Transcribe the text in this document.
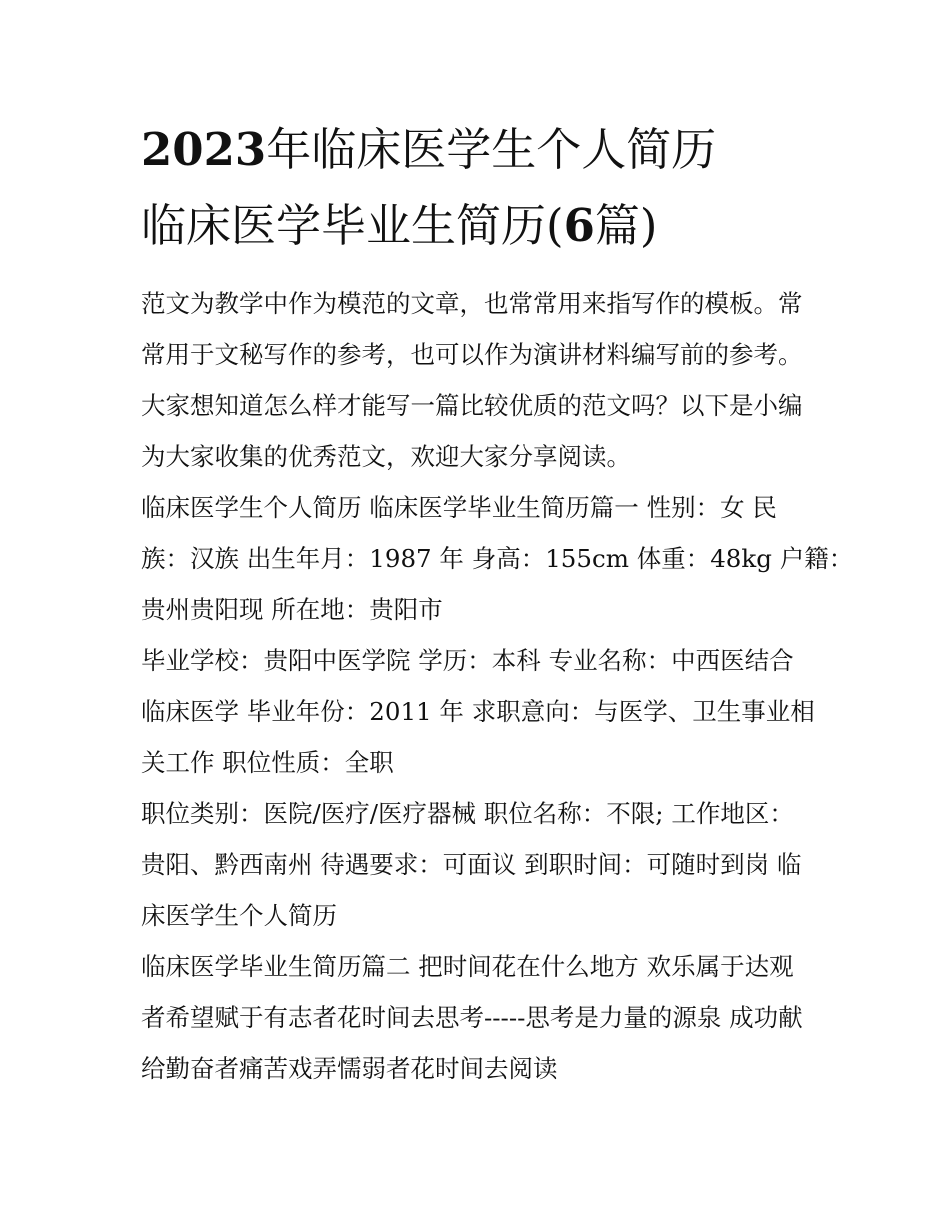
2023年临床医学生个人简历
临床医学毕业生简历(6篇)

范文为教学中作为模范的文章，也常常用来指写作的模板。常
常用于文秘写作的参考，也可以作为演讲材料编写前的参考。
大家想知道怎么样才能写一篇比较优质的范文吗？以下是小编
为大家收集的优秀范文，欢迎大家分享阅读。

临床医学生个人简历 临床医学毕业生简历篇一 性别：女 民
族：汉族 出生年月：1987 年 身高：155cm 体重：48kg 户籍：
贵州贵阳现 所在地：贵阳市

毕业学校：贵阳中医学院 学历：本科 专业名称：中西医结合
临床医学 毕业年份：2011 年 求职意向：与医学、卫生事业相
关工作 职位性质：全职

职位类别：医院/医疗/医疗器械 职位名称：不限; 工作地区：
贵阳、黔西南州 待遇要求：可面议 到职时间：可随时到岗 临
床医学生个人简历

临床医学毕业生简历篇二 把时间花在什么地方 欢乐属于达观
者希望赋于有志者花时间去思考-----思考是力量的源泉 成功献
给勤奋者痛苦戏弄懦弱者花时间去阅读
